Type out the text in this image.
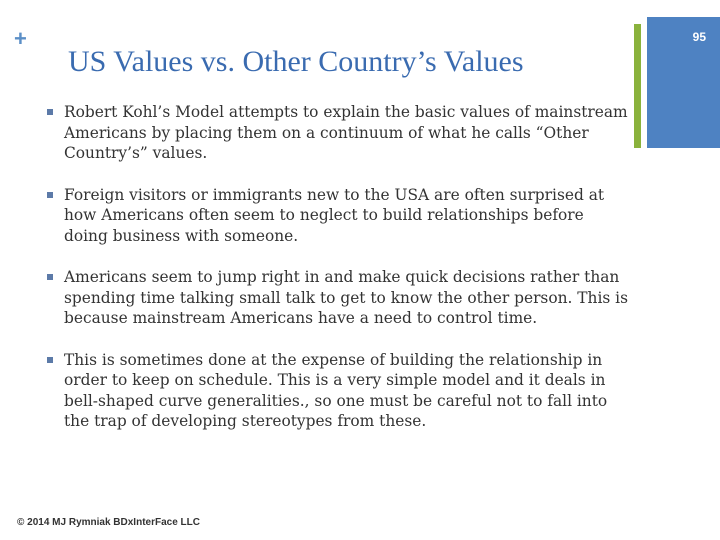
+	95
US Values vs. Other Country’s Values
Robert Kohl’s Model attempts to explain the basic values of mainstream Americans by placing them on a continuum of what he calls “Other Country’s” values.
Foreign visitors or immigrants new to the USA are often surprised at how Americans often seem to neglect to build relationships before doing business with someone.
Americans seem to jump right in and make quick decisions rather than spending time talking small talk to get to know the other person. This is because mainstream Americans have a need to control time.
This is sometimes done at the expense of building the relationship in order to keep on schedule. This is a very simple model and it deals in bell-shaped curve generalities., so one must be careful not to fall into the trap of developing stereotypes from these.
© 2014 MJ Rymniak BDxInterFace LLC
